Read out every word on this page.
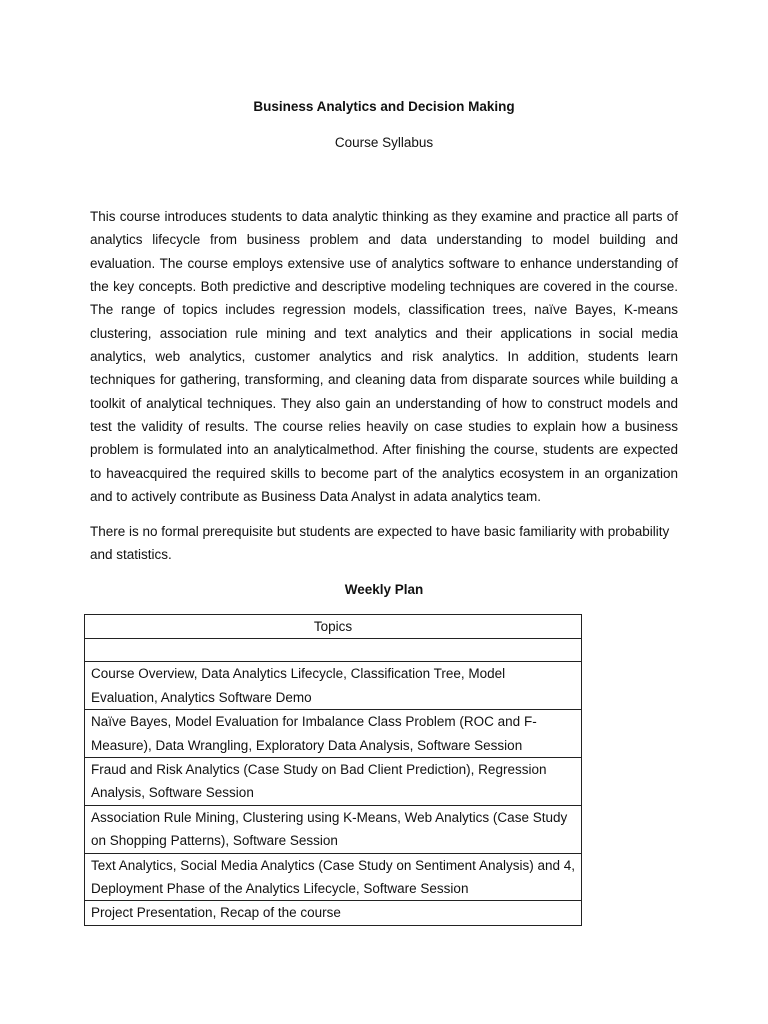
Business Analytics and Decision Making
Course Syllabus

This course introduces students to data analytic thinking as they examine and practice all parts of analytics lifecycle from business problem and data understanding to model building and evaluation. The course employs extensive use of analytics software to enhance understanding of the key concepts. Both predictive and descriptive modeling techniques are covered in the course. The range of topics includes regression models, classification trees, naïve Bayes, K-means clustering, association rule mining and text analytics and their applications in social media analytics, web analytics, customer analytics and risk analytics. In addition, students learn techniques for gathering, transforming, and cleaning data from disparate sources while building a toolkit of analytical techniques. They also gain an understanding of how to construct models and test the validity of results. The course relies heavily on case studies to explain how a business problem is formulated into an analyticalmethod. After finishing the course, students are expected to haveacquired the required skills to become part of the analytics ecosystem in an organization and to actively contribute as Business Data Analyst in adata analytics team.

There is no formal prerequisite but students are expected to have basic familiarity with probability and statistics.

Weekly Plan
Topics

Course Overview, Data Analytics Lifecycle, Classification Tree, Model Evaluation, Analytics Software Demo
Naïve Bayes, Model Evaluation for Imbalance Class Problem (ROC and F-Measure), Data Wrangling, Exploratory Data Analysis, Software Session
Fraud and Risk Analytics (Case Study on Bad Client Prediction), Regression Analysis, Software Session
Association Rule Mining, Clustering using K-Means, Web Analytics (Case Study on Shopping Patterns), Software Session
Text Analytics, Social Media Analytics (Case Study on Sentiment Analysis) and 4, Deployment Phase of the Analytics Lifecycle, Software Session
Project Presentation, Recap of the course
